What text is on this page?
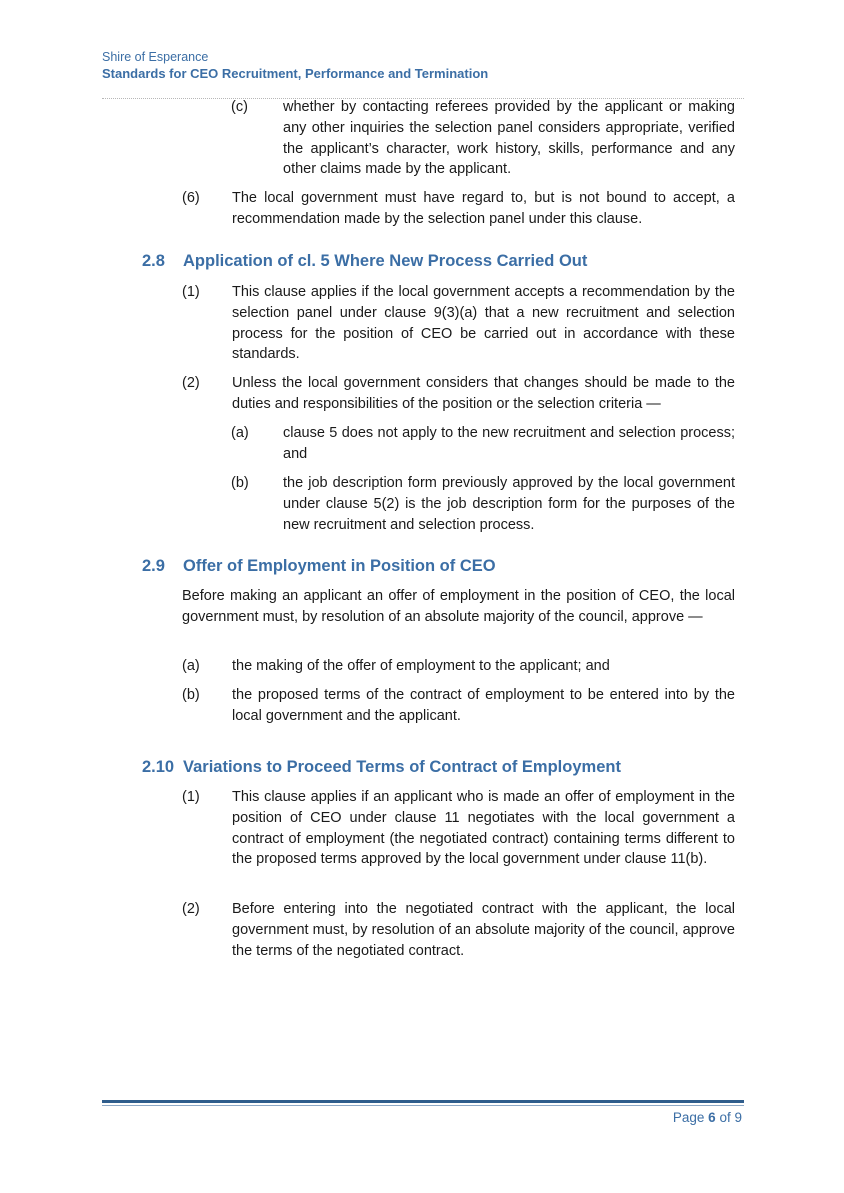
Shire of Esperance
Standards for CEO Recruitment, Performance and Termination
(c) whether by contacting referees provided by the applicant or making any other inquiries the selection panel considers appropriate, verified the applicant’s character, work history, skills, performance and any other claims made by the applicant.
(6) The local government must have regard to, but is not bound to accept, a recommendation made by the selection panel under this clause.
2.8 Application of cl. 5 Where New Process Carried Out
(1) This clause applies if the local government accepts a recommendation by the selection panel under clause 9(3)(a) that a new recruitment and selection process for the position of CEO be carried out in accordance with these standards.
(2) Unless the local government considers that changes should be made to the duties and responsibilities of the position or the selection criteria —
(a) clause 5 does not apply to the new recruitment and selection process; and
(b) the job description form previously approved by the local government under clause 5(2) is the job description form for the purposes of the new recruitment and selection process.
2.9 Offer of Employment in Position of CEO
Before making an applicant an offer of employment in the position of CEO, the local government must, by resolution of an absolute majority of the council, approve —
(a) the making of the offer of employment to the applicant; and
(b) the proposed terms of the contract of employment to be entered into by the local government and the applicant.
2.10 Variations to Proceed Terms of Contract of Employment
(1) This clause applies if an applicant who is made an offer of employment in the position of CEO under clause 11 negotiates with the local government a contract of employment (the negotiated contract) containing terms different to the proposed terms approved by the local government under clause 11(b).
(2) Before entering into the negotiated contract with the applicant, the local government must, by resolution of an absolute majority of the council, approve the terms of the negotiated contract.
Page 6 of 9
